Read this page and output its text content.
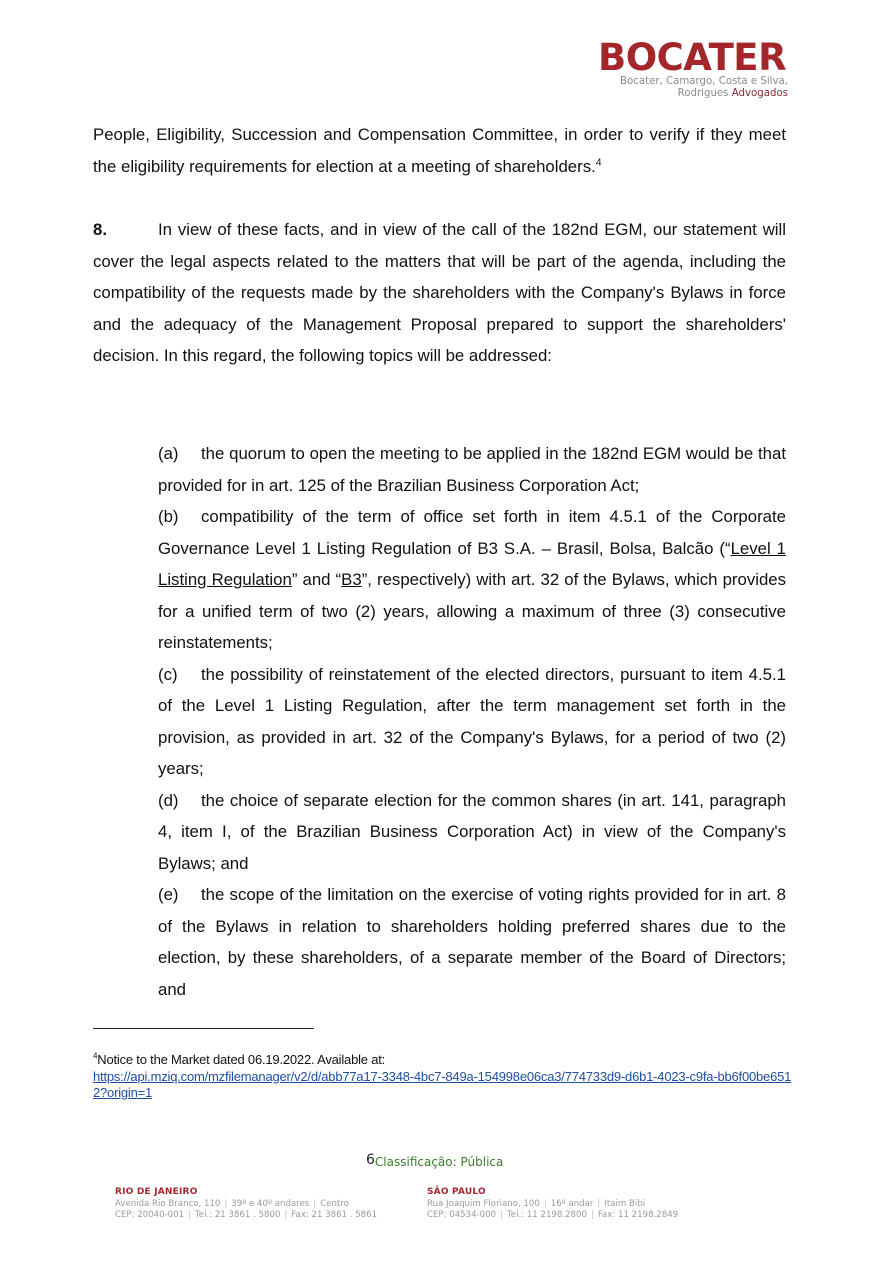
BOCATER
Bocater, Camargo, Costa e Silva,
Rodrigues Advogados
People, Eligibility, Succession and Compensation Committee, in order to verify if they meet the eligibility requirements for election at a meeting of shareholders.$^4$
8.	In view of these facts, and in view of the call of the 182nd EGM, our statement will cover the legal aspects related to the matters that will be part of the agenda, including the compatibility of the requests made by the shareholders with the Company's Bylaws in force and the adequacy of the Management Proposal prepared to support the shareholders' decision. In this regard, the following topics will be addressed:
(a) the quorum to open the meeting to be applied in the 182nd EGM would be that provided for in art. 125 of the Brazilian Business Corporation Act;
(b) compatibility of the term of office set forth in item 4.5.1 of the Corporate Governance Level 1 Listing Regulation of B3 S.A. – Brasil, Bolsa, Balcão (“Level 1 Listing Regulation” and “B3”, respectively) with art. 32 of the Bylaws, which provides for a unified term of two (2) years, allowing a maximum of three (3) consecutive reinstatements;
(c) the possibility of reinstatement of the elected directors, pursuant to item 4.5.1 of the Level 1 Listing Regulation, after the term management set forth in the provision, as provided in art. 32 of the Company's Bylaws, for a period of two (2) years;
(d) the choice of separate election for the common shares (in art. 141, paragraph 4, item I, of the Brazilian Business Corporation Act) in view of the Company's Bylaws; and
(e) the scope of the limitation on the exercise of voting rights provided for in art. 8 of the Bylaws in relation to shareholders holding preferred shares due to the election, by these shareholders, of a separate member of the Board of Directors; and
$^4$Notice to the Market dated 06.19.2022. Available at:
https://api.mziq.com/mzfilemanager/v2/d/abb77a17-3348-4bc7-849a-154998e06ca3/774733d9-d6b1-4023-c9fa-bb6f00be6512?origin=1
6Classificação: Pública
RIO DE JANEIRO
Avenida Rio Branco, 110 | 39º e 40º andares | Centro
CEP: 20040-001 | Tel.: 21 3861 . 5800 | Fax: 21 3861 . 5861
SÃO PAULO
Rua Joaquim Floriano, 100 | 16º andar | Itaim Bibi
CEP: 04534-000 | Tel.: 11 2198.2800 | Fax: 11 2198.2849
